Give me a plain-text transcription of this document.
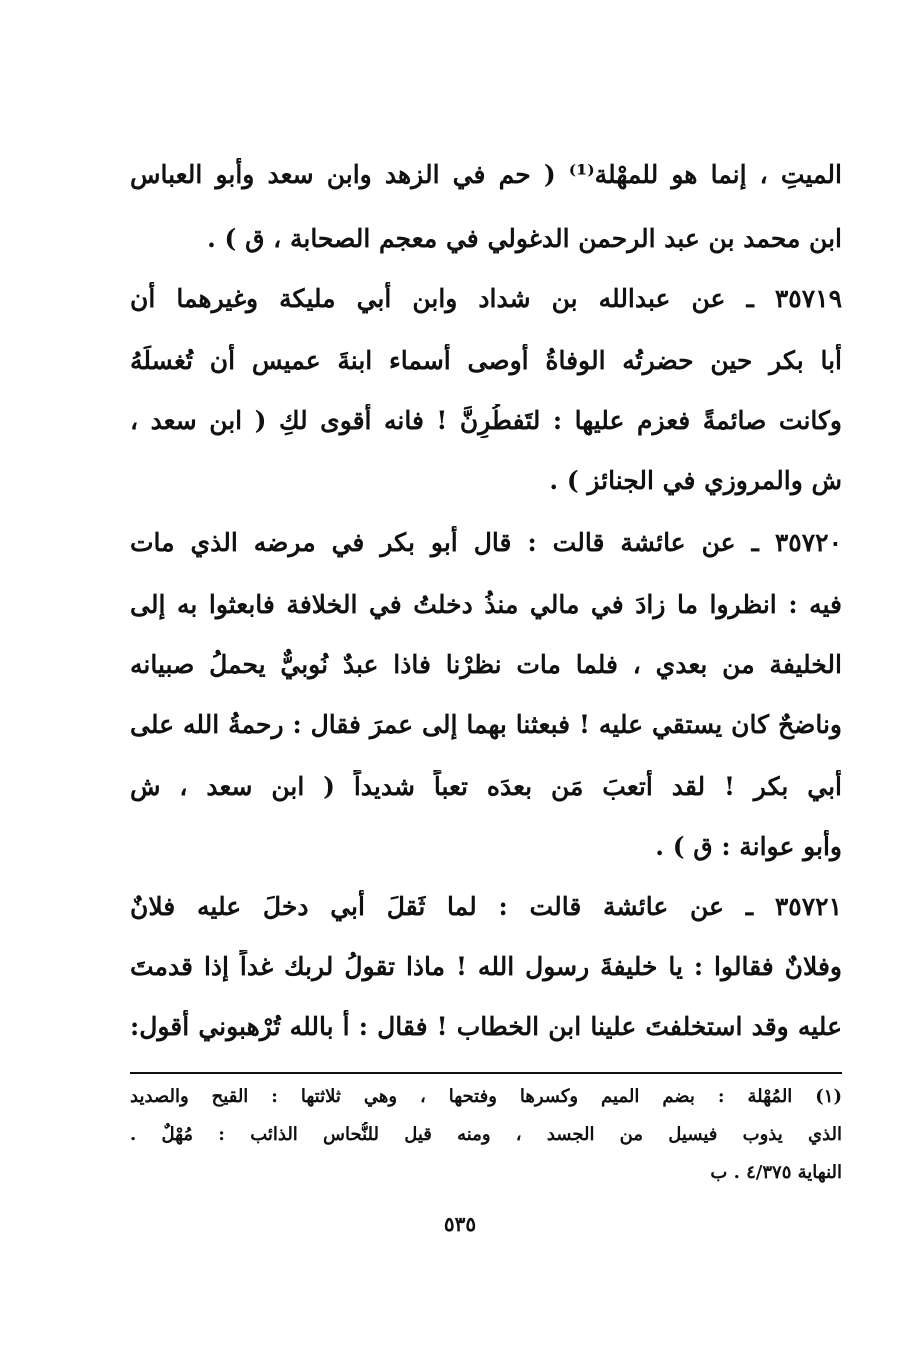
الميتِ ، إنما هو للمهْلة⁽¹⁾ ( حم في الزهد وابن سعد وأبو العباس
ابن محمد بن عبد الرحمن الدغولي في معجم الصحابة ، ق ) .
٣٥٧١٩ ـ عن عبدالله بن شداد وابن أبي مليكة وغيرهما أن
أبا بكر حين حضرتُه الوفاةُ أوصى أسماء ابنةَ عميس أن تُغسلَهُ
وكانت صائمةً فعزم عليها : لتَفطُرِنَّ ! فانه أقوى لكِ ( ابن سعد ،
ش والمروزي في الجنائز ) .
٣٥٧٢٠ ـ عن عائشة قالت : قال أبو بكر في مرضه الذي مات
فيه : انظروا ما زادَ في مالي منذُ دخلتُ في الخلافة فابعثوا به إلى
الخليفة من بعدي ، فلما مات نظرْنا فاذا عبدٌ نُوبيٌّ يحملُ صبيانه
وناضحٌ كان يستقي عليه ! فبعثنا بهما إلى عمرَ فقال : رحمةُ الله على
أبي بكر ! لقد أتعبَ مَن بعدَه تعباً شديداً ( ابن سعد ، ش
وأبو عوانة : ق ) .
٣٥٧٢١ ـ عن عائشة قالت : لما ثَقلَ أبي دخلَ عليه فلانٌ
وفلانٌ فقالوا : يا خليفةَ رسول الله ! ماذا تقولُ لربك غداً إذا قدمتَ
عليه وقد استخلفتَ علينا ابن الخطاب ! فقال : أ بالله تُرْهبوني أقول:
(١) المُهْلة : بضم الميم وكسرها وفتحها ، وهي ثلاثتها : القيح والصديد
الذي يذوب فيسيل من الجسد ، ومنه قيل للنُّحاس الذائب : مُهْلٌ .
النهاية ٤/٣٧٥ . ب
٥٣٥
